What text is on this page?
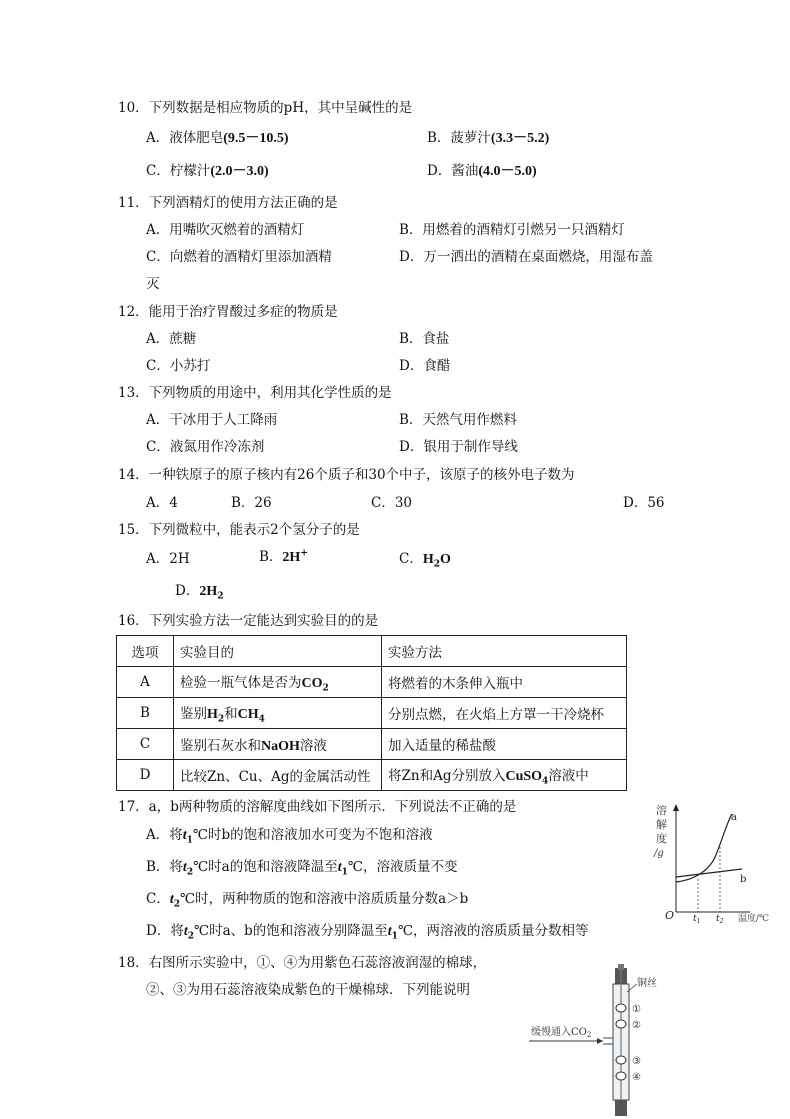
10．下列数据是相应物质的pH，其中呈碱性的是
A．液体肥皂(9.5－10.5)	B．菠萝汁(3.3－5.2)
C．柠檬汁(2.0－3.0)	D．酱油(4.0－5.0)
11．下列酒精灯的使用方法正确的是
A．用嘴吹灭燃着的酒精灯	B．用燃着的酒精灯引燃另一只酒精灯
C．向燃着的酒精灯里添加酒精	D．万一洒出的酒精在桌面燃烧，用湿布盖
灭
12．能用于治疗胃酸过多症的物质是
A．蔗糖	B．食盐
C．小苏打	D．食醋
13．下列物质的用途中，利用其化学性质的是
A．干冰用于人工降雨	B．天然气用作燃料
C．液氮用作冷冻剂	D．银用于制作导线
14．一种铁原子的原子核内有26个质子和30个中子，该原子的核外电子数为
A．4	B．26	C．30	D．56
15．下列微粒中，能表示2个氢分子的是
A．2H	B．2H+	C．$H_2O$
D．$2H_2$
16．下列实验方法一定能达到实验目的的是
选项	实验目的	实验方法
A	检验一瓶气体是否为$CO_2$	将燃着的木条伸入瓶中
B	鉴别$H_2$和$CH_4$	分别点燃，在火焰上方罩一干冷烧杯
C	鉴别石灰水和NaOH溶液	加入适量的稀盐酸
D	比较Zn、Cu、Ag的金属活动性	将Zn和Ag分别放入CuSO$_4$溶液中
17．a，b两种物质的溶解度曲线如下图所示．下列说法不正确的是
A．将$t_1℃$时b的饱和溶液加水可变为不饱和溶液
B．将$t_2℃$时a的饱和溶液降温至$t_1℃$，溶液质量不变
C．$t_2℃$时，两种物质的饱和溶液中溶质质量分数a＞b
D．将$t_2℃$时a、b的饱和溶液分别降温至$t_1℃$，两溶液的溶质质量分数相等
溶
解
度
/g
O
a
b
$t_1$ $t_2$ 温度/℃
18．右图所示实验中，①、④为用紫色石蕊溶液润湿的棉球，
②、③为用石蕊溶液染成紫色的干燥棉球．下列能说明
缓慢通入$CO_2$
铜丝
①
②
③
④
